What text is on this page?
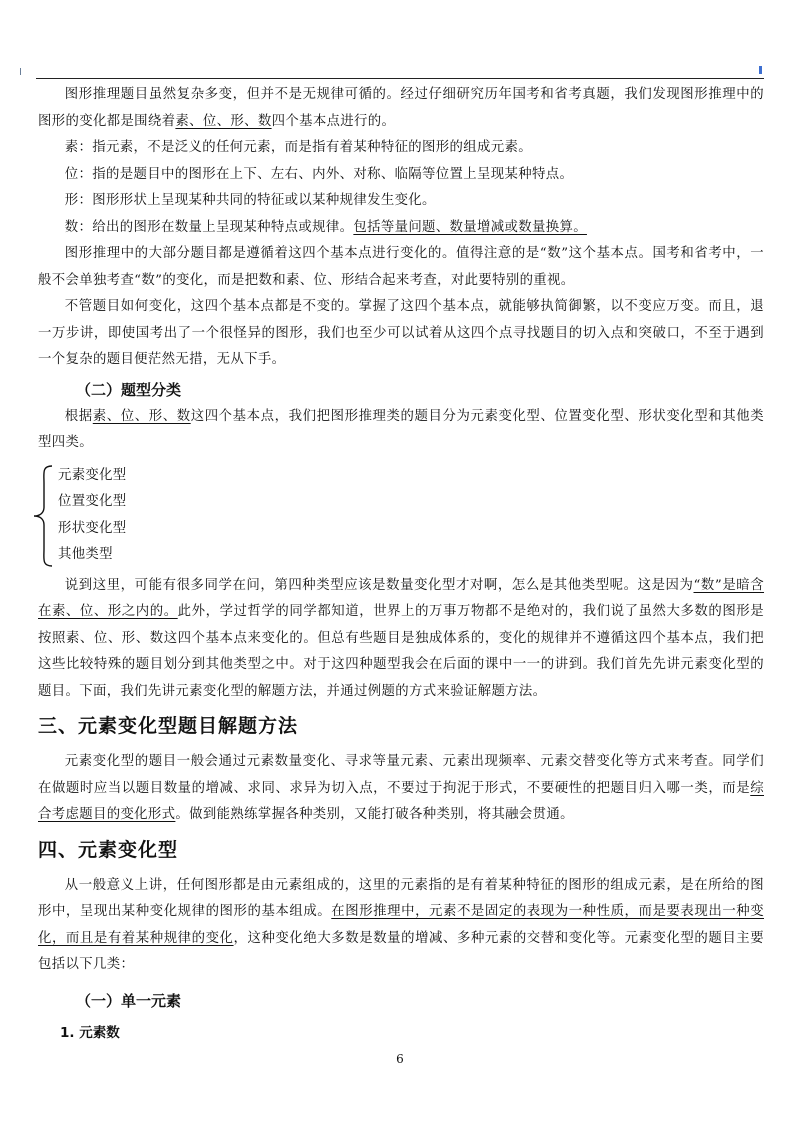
图形推理题目虽然复杂多变，但并不是无规律可循的。经过仔细研究历年国考和省考真题，我们发现图形推理中的图形的变化都是围绕着素、位、形、数四个基本点进行的。

素：指元素，不是泛义的任何元素，而是指有着某种特征的图形的组成元素。

位：指的是题目中的图形在上下、左右、内外、对称、临隔等位置上呈现某种特点。

形：图形形状上呈现某种共同的特征或以某种规律发生变化。

数：给出的图形在数量上呈现某种特点或规律。包括等量问题、数量增减或数量换算。

图形推理中的大部分题目都是遵循着这四个基本点进行变化的。值得注意的是“数”这个基本点。国考和省考中，一般不会单独考查“数”的变化，而是把数和素、位、形结合起来考查，对此要特别的重视。

不管题目如何变化，这四个基本点都是不变的。掌握了这四个基本点，就能够执简御繁，以不变应万变。而且，退一万步讲，即使国考出了一个很怪异的图形，我们也至少可以试着从这四个点寻找题目的切入点和突破口，不至于遇到一个复杂的题目便茫然无措，无从下手。

（二）题型分类

根据素、位、形、数这四个基本点，我们把图形推理类的题目分为元素变化型、位置变化型、形状变化型和其他类型四类。

元素变化型
位置变化型
形状变化型
其他类型

说到这里，可能有很多同学在问，第四种类型应该是数量变化型才对啊，怎么是其他类型呢。这是因为“数”是暗含在素、位、形之内的。此外，学过哲学的同学都知道，世界上的万事万物都不是绝对的，我们说了虽然大多数的图形是按照素、位、形、数这四个基本点来变化的。但总有些题目是独成体系的，变化的规律并不遵循这四个基本点，我们把这些比较特殊的题目划分到其他类型之中。对于这四种题型我会在后面的课中一一的讲到。我们首先先讲元素变化型的题目。下面，我们先讲元素变化型的解题方法，并通过例题的方式来验证解题方法。

三、元素变化型题目解题方法

元素变化型的题目一般会通过元素数量变化、寻求等量元素、元素出现频率、元素交替变化等方式来考查。同学们在做题时应当以题目数量的增减、求同、求异为切入点，不要过于拘泥于形式，不要硬性的把题目归入哪一类，而是综合考虑题目的变化形式。做到能熟练掌握各种类别，又能打破各种类别，将其融会贯通。

四、元素变化型

从一般意义上讲，任何图形都是由元素组成的，这里的元素指的是有着某种特征的图形的组成元素，是在所给的图形中，呈现出某种变化规律的图形的基本组成。在图形推理中，元素不是固定的表现为一种性质，而是要表现出一种变化，而且是有着某种规律的变化，这种变化绝大多数是数量的增减、多种元素的交替和变化等。元素变化型的题目主要包括以下几类：

（一）单一元素
1. 元素数
6
